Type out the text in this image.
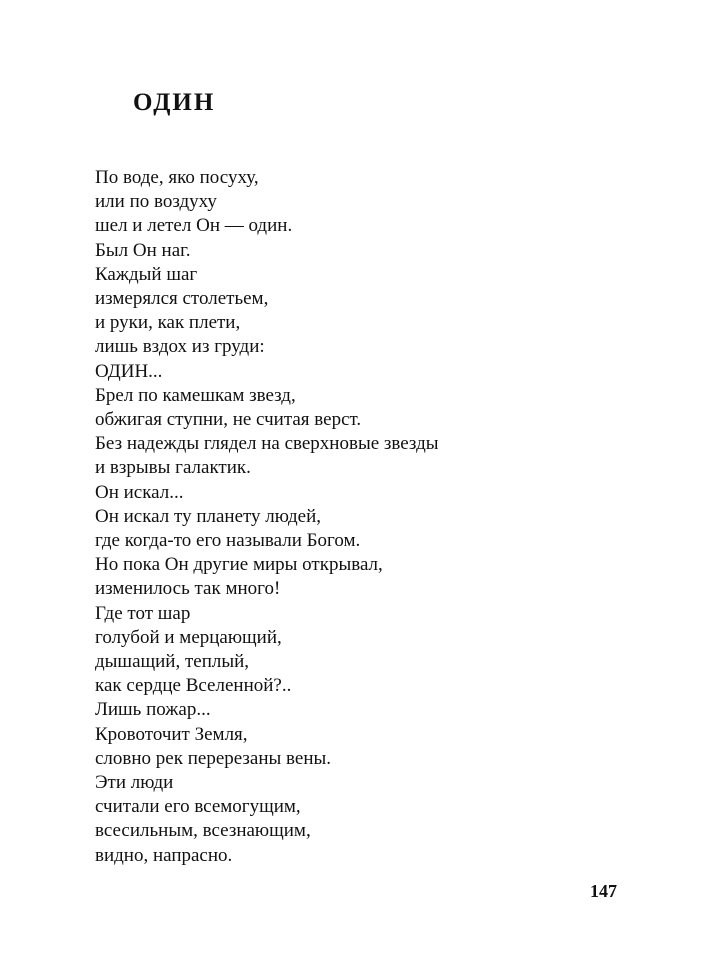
ОДИН
По воде, яко посуху,
или по воздуху
шел и летел Он — один.
Был Он наг.
Каждый шаг
измерялся столетьем,
и руки, как плети,
лишь вздох из груди:
ОДИН...
Брел по камешкам звезд,
обжигая ступни, не считая верст.
Без надежды глядел на сверхновые звезды
и взрывы галактик.
Он искал...
Он искал ту планету людей,
где когда-то его называли Богом.
Но пока Он другие миры открывал,
изменилось так много!
Где тот шар
голубой и мерцающий,
дышащий, теплый,
как сердце Вселенной?..
Лишь пожар...
Кровоточит Земля,
словно рек перерезаны вены.
Эти люди
считали его всемогущим,
всесильным, всезнающим,
видно, напрасно.
147
